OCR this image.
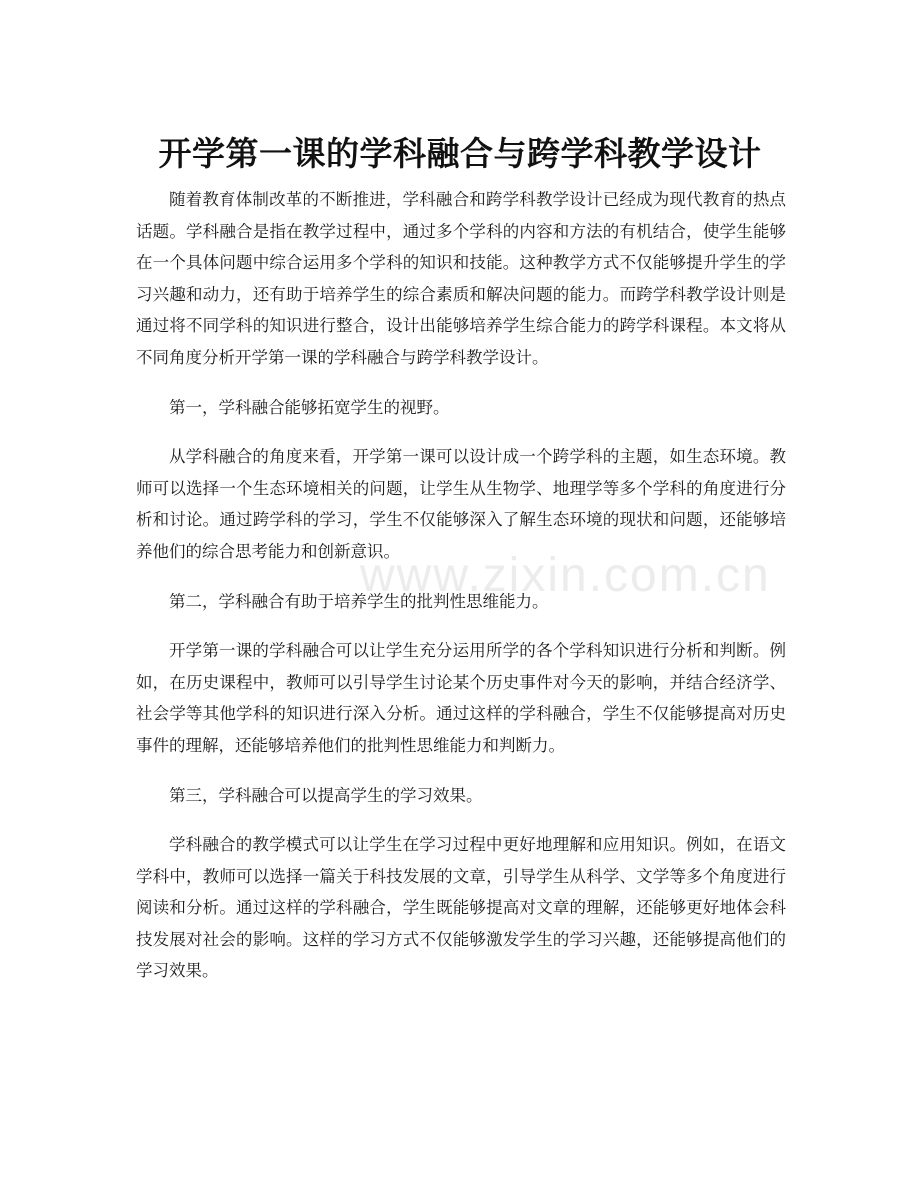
开学第一课的学科融合与跨学科教学设计

随着教育体制改革的不断推进，学科融合和跨学科教学设计已经成为现代教育的热点话题。学科融合是指在教学过程中，通过多个学科的内容和方法的有机结合，使学生能够在一个具体问题中综合运用多个学科的知识和技能。这种教学方式不仅能够提升学生的学习兴趣和动力，还有助于培养学生的综合素质和解决问题的能力。而跨学科教学设计则是通过将不同学科的知识进行整合，设计出能够培养学生综合能力的跨学科课程。本文将从不同角度分析开学第一课的学科融合与跨学科教学设计。

第一，学科融合能够拓宽学生的视野。

从学科融合的角度来看，开学第一课可以设计成一个跨学科的主题，如生态环境。教师可以选择一个生态环境相关的问题，让学生从生物学、地理学等多个学科的角度进行分析和讨论。通过跨学科的学习，学生不仅能够深入了解生态环境的现状和问题，还能够培养他们的综合思考能力和创新意识。

第二，学科融合有助于培养学生的批判性思维能力。

开学第一课的学科融合可以让学生充分运用所学的各个学科知识进行分析和判断。例如，在历史课程中，教师可以引导学生讨论某个历史事件对今天的影响，并结合经济学、社会学等其他学科的知识进行深入分析。通过这样的学科融合，学生不仅能够提高对历史事件的理解，还能够培养他们的批判性思维能力和判断力。

第三，学科融合可以提高学生的学习效果。

学科融合的教学模式可以让学生在学习过程中更好地理解和应用知识。例如，在语文学科中，教师可以选择一篇关于科技发展的文章，引导学生从科学、文学等多个角度进行阅读和分析。通过这样的学科融合，学生既能够提高对文章的理解，还能够更好地体会科技发展对社会的影响。这样的学习方式不仅能够激发学生的学习兴趣，还能够提高他们的学习效果。

www.zixin.com.cn
